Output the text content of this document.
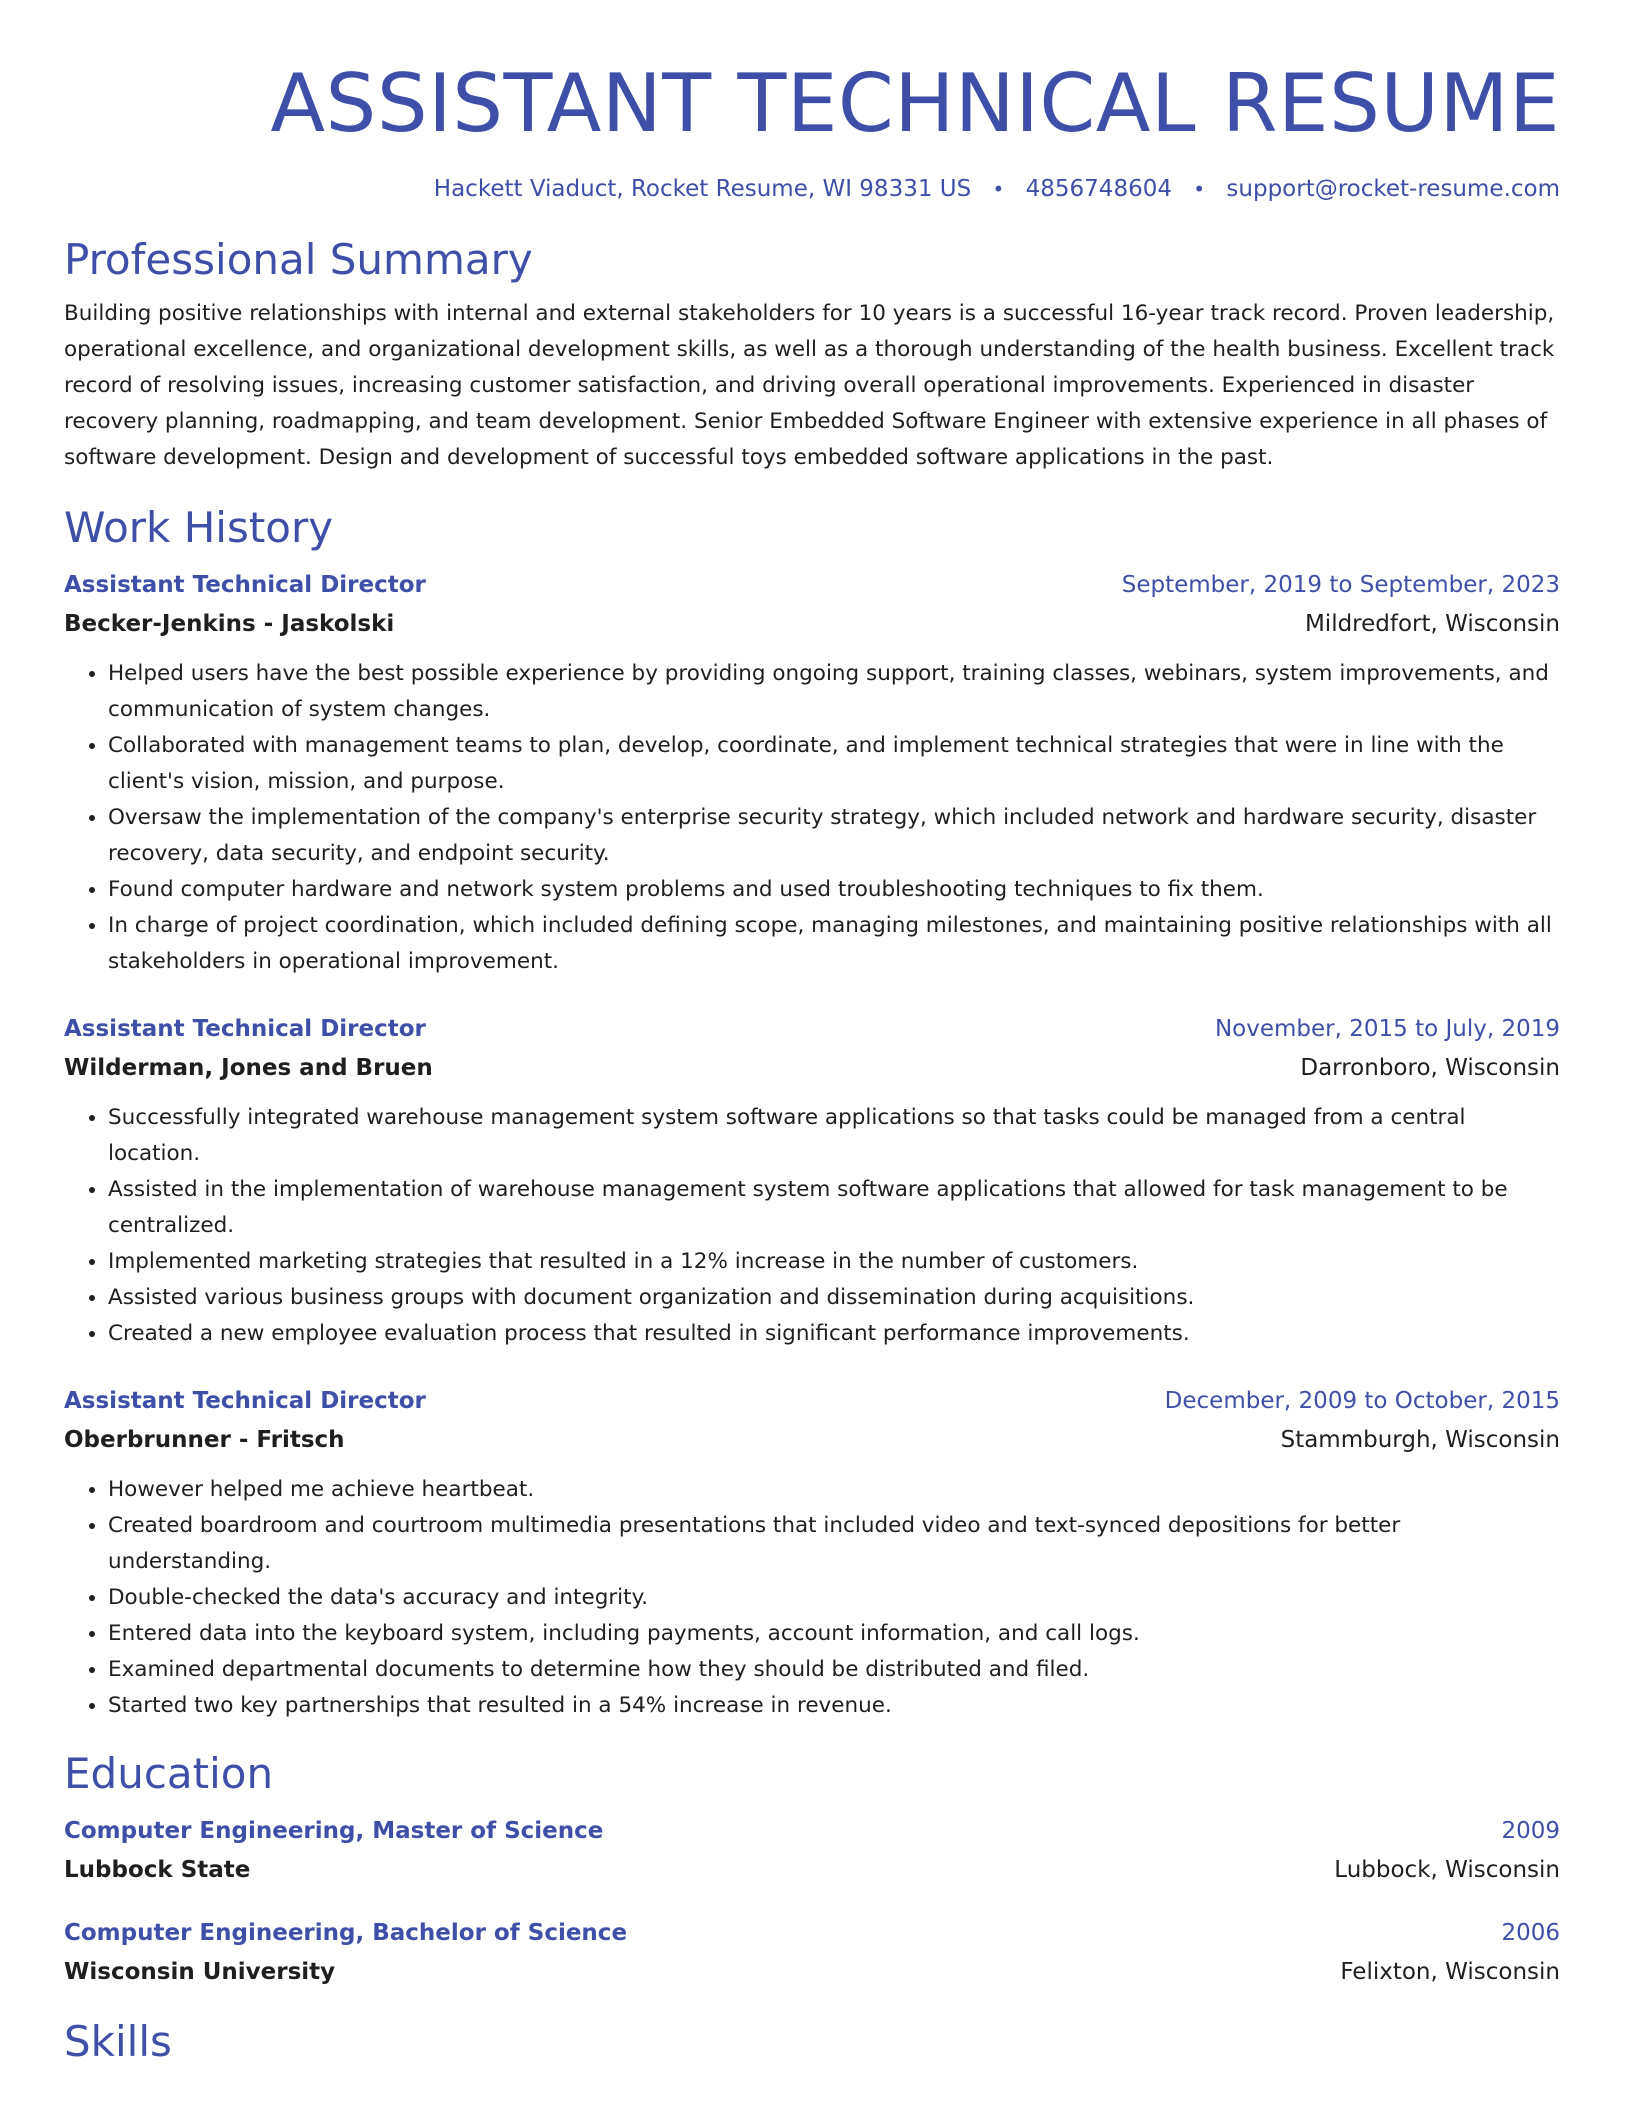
ASSISTANT TECHNICAL RESUME
Hackett Viaduct, Rocket Resume, WI 98331 US • 4856748604 • support@rocket-resume.com
Professional Summary
Building positive relationships with internal and external stakeholders for 10 years is a successful 16-year track record. Proven leadership, operational excellence, and organizational development skills, as well as a thorough understanding of the health business. Excellent track record of resolving issues, increasing customer satisfaction, and driving overall operational improvements. Experienced in disaster recovery planning, roadmapping, and team development. Senior Embedded Software Engineer with extensive experience in all phases of software development. Design and development of successful toys embedded software applications in the past.
Work History
Assistant Technical Director	September, 2019 to September, 2023
Becker-Jenkins - Jaskolski	Mildredfort, Wisconsin
• Helped users have the best possible experience by providing ongoing support, training classes, webinars, system improvements, and communication of system changes.
• Collaborated with management teams to plan, develop, coordinate, and implement technical strategies that were in line with the client's vision, mission, and purpose.
• Oversaw the implementation of the company's enterprise security strategy, which included network and hardware security, disaster recovery, data security, and endpoint security.
• Found computer hardware and network system problems and used troubleshooting techniques to fix them.
• In charge of project coordination, which included defining scope, managing milestones, and maintaining positive relationships with all stakeholders in operational improvement.
Assistant Technical Director	November, 2015 to July, 2019
Wilderman, Jones and Bruen	Darronboro, Wisconsin
• Successfully integrated warehouse management system software applications so that tasks could be managed from a central location.
• Assisted in the implementation of warehouse management system software applications that allowed for task management to be centralized.
• Implemented marketing strategies that resulted in a 12% increase in the number of customers.
• Assisted various business groups with document organization and dissemination during acquisitions.
• Created a new employee evaluation process that resulted in significant performance improvements.
Assistant Technical Director	December, 2009 to October, 2015
Oberbrunner - Fritsch	Stammburgh, Wisconsin
• However helped me achieve heartbeat.
• Created boardroom and courtroom multimedia presentations that included video and text-synced depositions for better understanding.
• Double-checked the data's accuracy and integrity.
• Entered data into the keyboard system, including payments, account information, and call logs.
• Examined departmental documents to determine how they should be distributed and filed.
• Started two key partnerships that resulted in a 54% increase in revenue.
Education
Computer Engineering, Master of Science	2009
Lubbock State	Lubbock, Wisconsin
Computer Engineering, Bachelor of Science	2006
Wisconsin University	Felixton, Wisconsin
Skills
